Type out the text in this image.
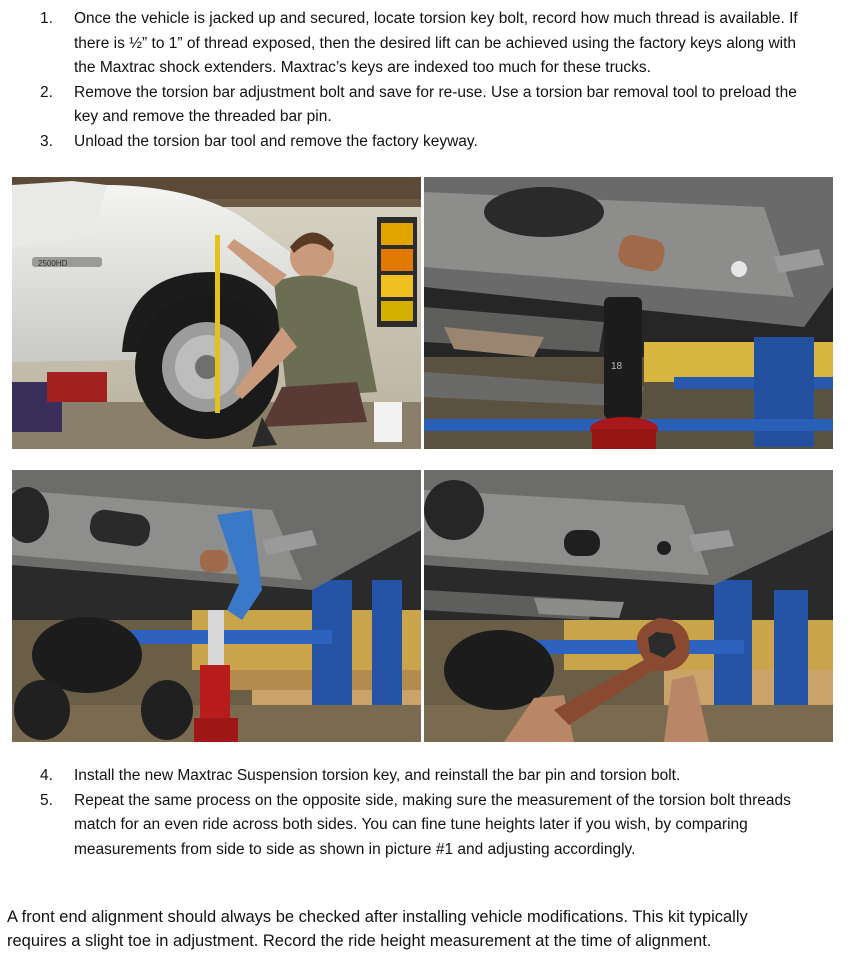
1. Once the vehicle is jacked up and secured, locate torsion key bolt, record how much thread is available. If
there is ½” to 1” of thread exposed, then the desired lift can be achieved using the factory keys along with
the Maxtrac shock extenders. Maxtrac’s keys are indexed too much for these trucks.
2. Remove the torsion bar adjustment bolt and save for re-use. Use a torsion bar removal tool to preload the
key and remove the threaded bar pin.
3. Unload the torsion bar tool and remove the factory keyway.
2500HD
18
4. Install the new Maxtrac Suspension torsion key, and reinstall the bar pin and torsion bolt.
5. Repeat the same process on the opposite side, making sure the measurement of the torsion bolt threads
match for an even ride across both sides. You can fine tune heights later if you wish, by comparing
measurements from side to side as shown in picture #1 and adjusting accordingly.

A front end alignment should always be checked after installing vehicle modifications. This kit typically
requires a slight toe in adjustment. Record the ride height measurement at the time of alignment.
